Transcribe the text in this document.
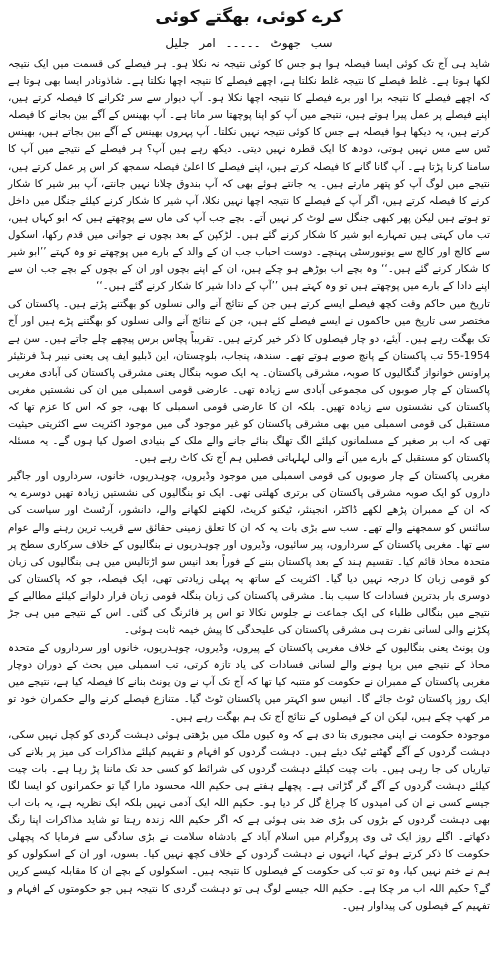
کرے کوئی، بھگتے کوئی
سب جھوٹ ۔۔۔۔۔ امر جلیل

شاید ہی آج تک کوئی ایسا فیصلہ ہوا ہو جس کا کوئی نتیجہ نہ نکلا ہو۔ ہر فیصلے کی قسمت میں ایک نتیجہ لکھا ہوتا ہے۔ غلط فیصلے کا نتیجہ غلط نکلتا ہے، اچھے فیصلے کا نتیجہ اچھا نکلتا ہے۔ شاذونادر ایسا بھی ہوتا ہے کہ اچھے فیصلے کا نتیجہ برا اور برے فیصلے کا نتیجہ اچھا نکلا ہو۔ آپ دیوار سے سر ٹکرانے کا فیصلہ کرتے ہیں، اپنے فیصلے پر عمل پیرا ہوتے ہیں، نتیجے میں آپ کو اپنا پوچھتا سر ماتا ہے۔ آپ بھینس کے آگے بین بجانے کا فیصلہ کرتے ہیں، یہ دیکھا ہوا فیصلہ ہے جس کا کوئی نتیجہ نہیں نکلتا۔ آپ پہروں بھینس کے آگے بین بجاتے ہیں، بھینس ٹس سے مس نہیں ہوتی، دودھ کا ایک قطرہ نہیں دیتی۔ دیکھ رہے ہیں آپ؟ ہر فیصلے کے نتیجے میں آپ کا سامنا کرنا پڑتا ہے۔ آپ گانا گانے کا فیصلہ کرتے ہیں، اپنے فیصلے کا اعلیٰ فیصلہ سمجھ کر اس پر عمل کرتے ہیں، نتیجے میں لوگ آپ کو پتھر مارتے ہیں۔ یہ جانتے ہوئے بھی کہ آپ بندوق چلانا نہیں جانتے، آپ ببر شیر کا شکار کرنے کا فیصلہ کرتے ہیں، اگر آپ کے فیصلے کا نتیجہ اچھا نہیں نکلا، آپ شیر کا شکار کرنے کیلئے جنگل میں داخل تو ہوتے ہیں لیکن پھر کبھی جنگل سے لوٹ کر نہیں آتے۔ بچے جب آپ کی ماں سے پوچھتے ہیں کہ ابو کہاں ہیں، تب ماں کہتی ہیں تمہارے ابو شیر کا شکار کرنے گئے ہیں۔ لڑکپن کے بعد بچوں نے جوانی میں قدم رکھا، اسکول سے کالج اور کالج سے یونیورسٹی پہنچے۔ دوست احباب جب ان کے والد کے بارے میں پوچھتے تو وہ کہتے ’’ابو شیر کا شکار کرنے گئے ہیں۔‘‘ وہ بچے اب بوڑھے ہو چکے ہیں، ان کے اپنے بچوں اور ان کے بچوں کے بچے جب ان سے اپنے دادا کے بارے میں پوچھتے ہیں تو وہ کہتے ہیں ’’آپ کے دادا شیر کا شکار کرنے گئے ہیں۔‘‘

تاریخ میں حاکم وقت کچھ فیصلے ایسے کرتے ہیں جن کے نتائج آنے والی نسلوں کو بھگتنے پڑتے ہیں۔ پاکستان کی مختصر سی تاریخ میں حاکموں نے ایسے فیصلے کئے ہیں، جن کے نتائج آنے والی نسلوں کو بھگتنے پڑے ہیں اور آج تک بھگت رہے ہیں۔ آیئے، دو چار فیصلوں کا ذکر خیر کرتے ہیں۔ تقریباً پچاس برس پیچھے چلے جاتے ہیں۔ سن ہے 1954-55 تب پاکستان کے پانچ صوبے ہوتے تھے۔ سندھ، پنجاب، بلوچستان، این ڈبلیو ایف پی یعنی نیبر ہڈ فرنٹیئر پراونس خوانواز گنگالیوں کا صوبہ، مشرقی پاکستان۔ یہ ایک صوبہ بنگال یعنی مشرقی پاکستان کی آبادی مغربی پاکستان کے چار صوبوں کی مجموعی آبادی سے زیادہ تھی۔ عارضی قومی اسمبلی میں ان کی نشستیں مغربی پاکستان کی نشستوں سے زیادہ تھیں۔ بلکہ ان کا عارضی قومی اسمبلی کا بھی، جو کہ اس کا عزم تھا کہ مستقبل کی قومی اسمبلی میں بھی مشرقی پاکستان کو غیر موجود گی میں موجود اکثریت سے اکثریتی حیثیت تھی کہ اب بر صغیر کے مسلمانوں کیلئے الگ تھلگ بنائے جانے والے ملک کے بنیادی اصول کیا ہوں گے۔ یہ مسئلہ پاکستان کو مستقبل کے بارے میں آنے والی لہلہاتی فصلیں ہم آج تک کاٹ رہے ہیں۔

مغربی پاکستان کے چار صوبوں کی قومی اسمبلی میں موجود وڈیروں، چوہدریوں، خانوں، سرداروں اور جاگیر داروں کو ایک صوبہ مشرقی پاکستان کی برتری کھلتی تھی۔ ایک تو بنگالیوں کی نشستیں زیادہ تھیں دوسرے یہ کہ ان کے ممبران پڑھے لکھے ڈاکٹر، انجینئر، ٹیکنو کریٹ، لکھنے لکھانے والے، دانشور، آرٹسٹ اور سیاست کی سائنس کو سمجھنے والے تھے۔ سب سے بڑی بات یہ کہ ان کا تعلق زمینی حقائق سے قریب ترین رہنے والے عوام سے تھا۔ مغربی پاکستان کے سرداروں، پیر سائیوں، وڈیروں اور چوہدریوں نے بنگالیوں کے خلاف سرکاری سطح پر متحدہ محاذ قائم کیا۔ تقسیم ہند کے بعد پاکستان بننے کے فوراً بعد انیس سو اڑتالیس میں ہی بنگالیوں کی زبان کو قومی زبان کا درجہ نہیں دیا گیا۔ اکثریت کے ساتھ یہ پہلی زیادتی تھی، ایک فیصلہ، جو کہ پاکستان کی دوسری بار بدترین فسادات کا سبب بنا۔ مشرقی پاکستان کی زبان بنگلہ قومی زبان قرار دلوانے کیلئے مطالبے کے نتیجے میں بنگالی طلباء کی ایک جماعت نے جلوس نکالا تو اس پر فائرنگ کی گئی۔ اس کے نتیجے میں ہی جڑ پکڑنے والی لسانی نفرت ہی مشرقی پاکستان کی علیحدگی کا پیش خیمہ ثابت ہوئی۔

ون یونٹ یعنی بنگالیوں کے خلاف مغربی پاکستان کے پیروں، وڈیروں، چوہدریوں، خانوں اور سرداروں کے متحدہ محاذ کے نتیجے میں برپا ہونے والے لسانی فسادات کی یاد تازہ کرتی، تب اسمبلی میں بحث کے دوران دوچار مغربی پاکستان کے ممبران نے حکومت کو متنبہ کیا تھا کہ آج تک آپ نے ون یونٹ بنانے کا فیصلہ کیا ہے، نتیجے میں ایک روز پاکستان ٹوٹ جائے گا۔ انیس سو اکہتر میں پاکستان ٹوٹ گیا۔ متنازع فیصلے کرنے والے حکمران خود تو مر کھپ چکے ہیں، لیکن ان کے فیصلوں کے نتائج آج تک ہم بھگت رہے ہیں۔

موجودہ حکومت نے اپنی مجبوری بتا دی ہے کہ وہ کیوں ملک میں بڑھتی ہوئی دہشت گردی کو کچل نہیں سکی، دہشت گردوں کے آگے گھٹنے ٹیک دیئے ہیں۔ دہشت گردوں کو افہام و تفہیم کیلئے مذاکرات کی میز پر بلانے کی تیاریاں کی جا رہی ہیں۔ بات چیت کیلئے دہشت گردوں کی شرائط کو کسی حد تک ماننا پڑ رہا ہے۔ بات چیت کیلئے دہشت گردوں کے آگے گر گڑاتی ہے۔ پچھلے ہفتے ہی حکیم اللہ محسود مارا گیا تو حکمرانوں کو ایسا لگا جیسے کسی نے ان کی امیدوں کا چراغ گل کر دیا ہو۔ حکیم اللہ ایک آدمی نہیں بلکہ ایک نظریہ ہے، یہ بات اب بھی دہشت گردوں کے بڑوں کی بڑی ضد بنی ہوئی ہے کہ اگر حکیم اللہ زندہ رہتا تو شاید مذاکرات اپنا رنگ دکھاتے۔ اگلے روز ایک ٹی وی پروگرام میں اسلام آباد کے بادشاہ سلامت نے بڑی سادگی سے فرمایا کہ پچھلی حکومت کا ذکر کرتے ہوئے کہا، انہوں نے دہشت گردوں کے خلاف کچھ نہیں کیا۔ بسوں، اور ان کے اسکولوں کو ہم نے ختم نہیں کیا، وہ تو تب کی حکومت کے فیصلوں کا نتیجہ ہیں۔ اسکولوں کے بچے ان کا مقابلہ کیسے کریں گے؟ حکیم اللہ اب مر چکا ہے۔ حکیم اللہ جیسے لوگ ہی تو دہشت گردی کا نتیجہ ہیں جو حکومتوں کے افہام و تفہیم کے فیصلوں کی پیداوار ہیں۔
